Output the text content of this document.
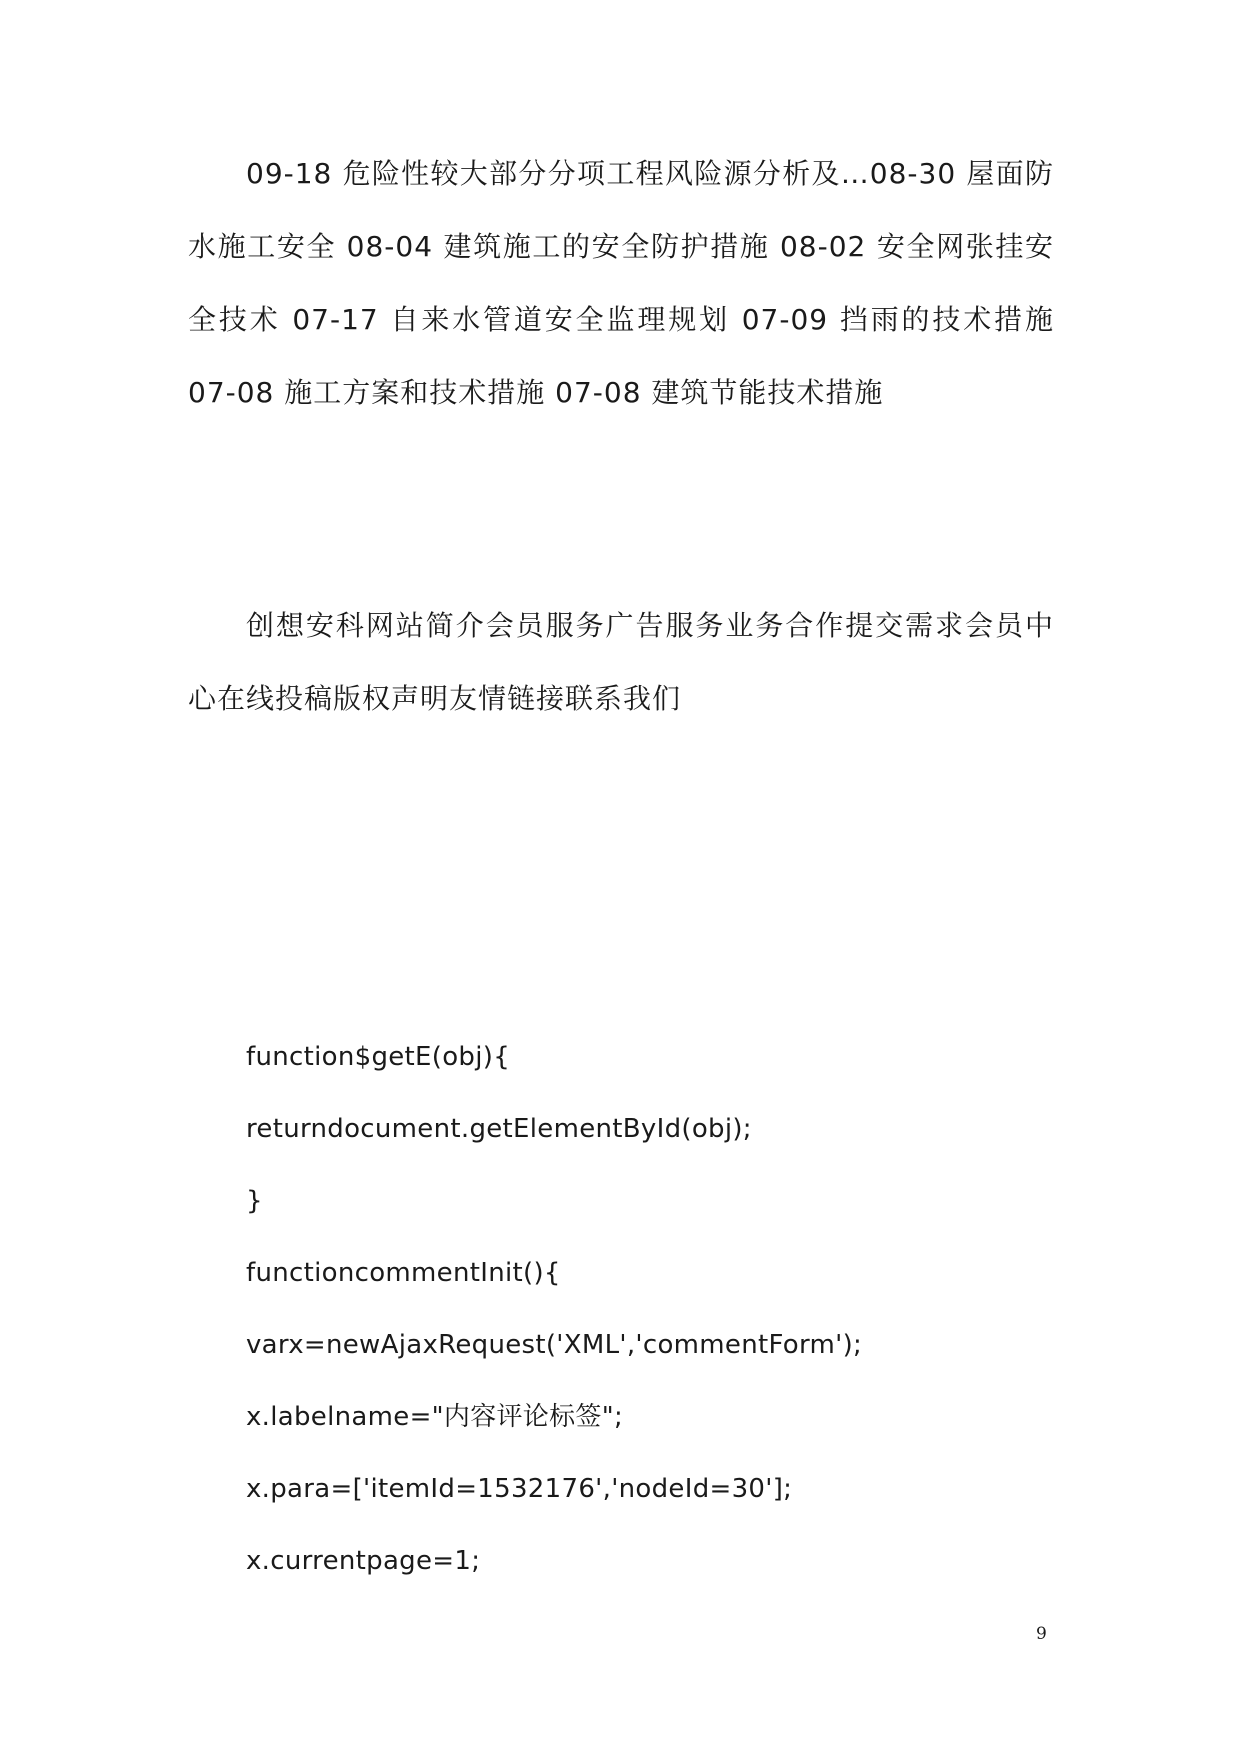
09-18 危险性较大部分分项工程风险源分析及…08-30 屋面防水施工安全 08-04 建筑施工的安全防护措施 08-02 安全网张挂安全技术 07-17 自来水管道安全监理规划 07-09 挡雨的技术措施 07-08 施工方案和技术措施 07-08 建筑节能技术措施

创想安科网站简介会员服务广告服务业务合作提交需求会员中心在线投稿版权声明友情链接联系我们

function$getE(obj){
returndocument.getElementById(obj);
}
functioncommentInit(){
varx=newAjaxRequest('XML','commentForm');
x.labelname="内容评论标签";
x.para=['itemId=1532176','nodeId=30'];
x.currentpage=1;
9
